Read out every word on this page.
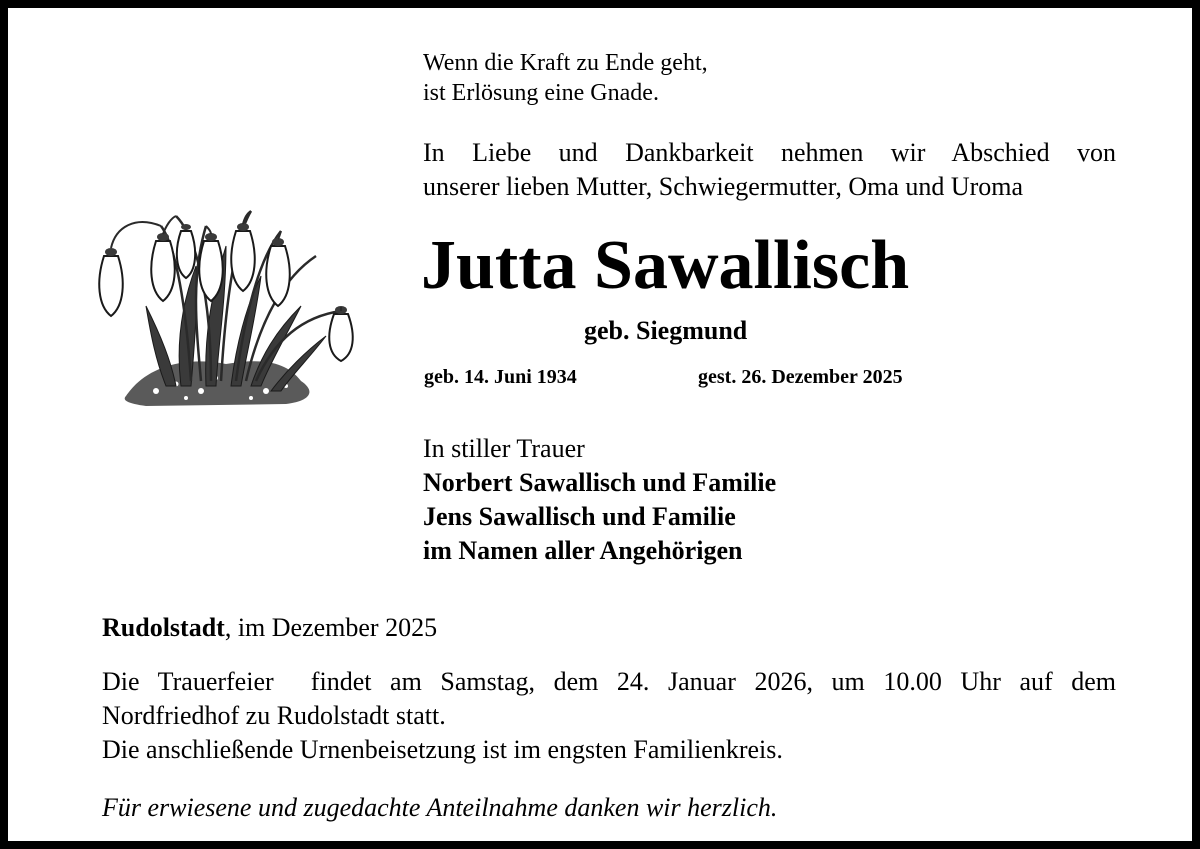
Wenn die Kraft zu Ende geht,
ist Erlösung eine Gnade.
In Liebe und Dankbarkeit nehmen wir Abschied von
unserer lieben Mutter, Schwiegermutter, Oma und Uroma
Jutta Sawallisch
geb. Siegmund
geb. 14. Juni 1934	gest. 26. Dezember 2025
In stiller Trauer
Norbert Sawallisch und Familie
Jens Sawallisch und Familie
im Namen aller Angehörigen
Rudolstadt, im Dezember 2025
Die Trauerfeier  findet am Samstag, dem 24. Januar 2026, um 10.00 Uhr auf dem
Nordfriedhof zu Rudolstadt statt.
Die anschließende Urnenbeisetzung ist im engsten Familienkreis.
Für erwiesene und zugedachte Anteilnahme danken wir herzlich.
